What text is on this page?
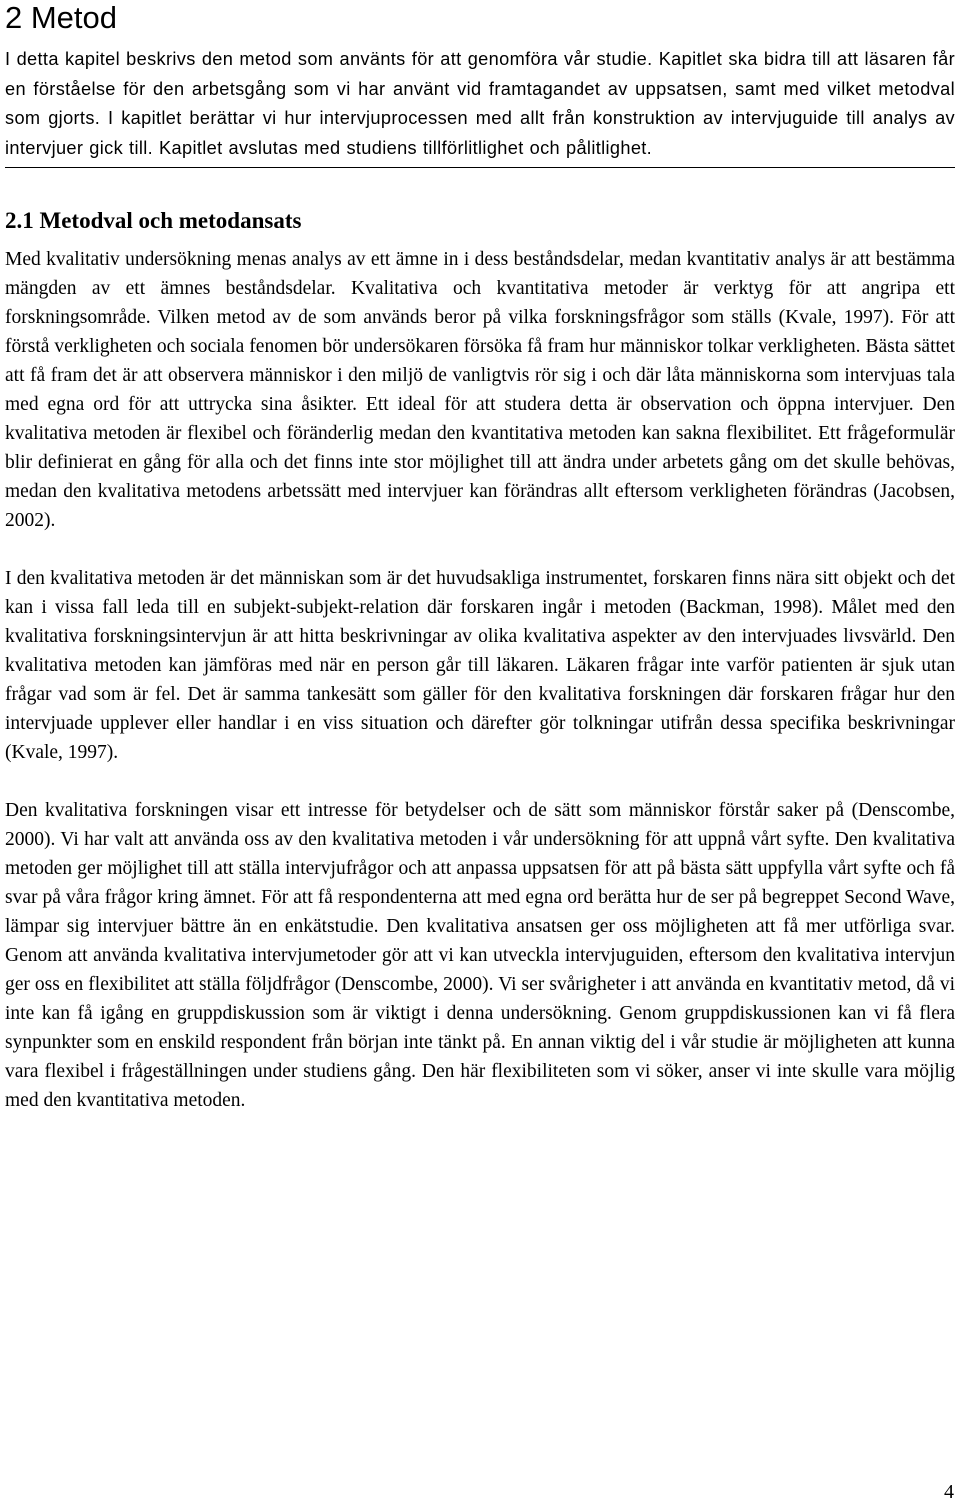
2 Metod

I detta kapitel beskrivs den metod som använts för att genomföra vår studie. Kapitlet ska bidra till att läsaren får en förståelse för den arbetsgång som vi har använt vid framtagandet av uppsatsen, samt med vilket metodval som gjorts. I kapitlet berättar vi hur intervjuprocessen med allt från konstruktion av intervjuguide till analys av intervjuer gick till. Kapitlet avslutas med studiens tillförlitlighet och pålitlighet.

2.1 Metodval och metodansats

Med kvalitativ undersökning menas analys av ett ämne in i dess beståndsdelar, medan kvantitativ analys är att bestämma mängden av ett ämnes beståndsdelar. Kvalitativa och kvantitativa metoder är verktyg för att angripa ett forskningsområde. Vilken metod av de som används beror på vilka forskningsfrågor som ställs (Kvale, 1997). För att förstå verkligheten och sociala fenomen bör undersökaren försöka få fram hur människor tolkar verkligheten. Bästa sättet att få fram det är att observera människor i den miljö de vanligtvis rör sig i och där låta människorna som intervjuas tala med egna ord för att uttrycka sina åsikter. Ett ideal för att studera detta är observation och öppna intervjuer. Den kvalitativa metoden är flexibel och föränderlig medan den kvantitativa metoden kan sakna flexibilitet. Ett frågeformulär blir definierat en gång för alla och det finns inte stor möjlighet till att ändra under arbetets gång om det skulle behövas, medan den kvalitativa metodens arbetssätt med intervjuer kan förändras allt eftersom verkligheten förändras (Jacobsen, 2002).

I den kvalitativa metoden är det människan som är det huvudsakliga instrumentet, forskaren finns nära sitt objekt och det kan i vissa fall leda till en subjekt-subjekt-relation där forskaren ingår i metoden (Backman, 1998). Målet med den kvalitativa forskningsintervjun är att hitta beskrivningar av olika kvalitativa aspekter av den intervjuades livsvärld. Den kvalitativa metoden kan jämföras med när en person går till läkaren. Läkaren frågar inte varför patienten är sjuk utan frågar vad som är fel. Det är samma tankesätt som gäller för den kvalitativa forskningen där forskaren frågar hur den intervjuade upplever eller handlar i en viss situation och därefter gör tolkningar utifrån dessa specifika beskrivningar (Kvale, 1997).

Den kvalitativa forskningen visar ett intresse för betydelser och de sätt som människor förstår saker på (Denscombe, 2000). Vi har valt att använda oss av den kvalitativa metoden i vår undersökning för att uppnå vårt syfte. Den kvalitativa metoden ger möjlighet till att ställa intervjufrågor och att anpassa uppsatsen för att på bästa sätt uppfylla vårt syfte och få svar på våra frågor kring ämnet. För att få respondenterna att med egna ord berätta hur de ser på begreppet Second Wave, lämpar sig intervjuer bättre än en enkätstudie. Den kvalitativa ansatsen ger oss möjligheten att få mer utförliga svar. Genom att använda kvalitativa intervjumetoder gör att vi kan utveckla intervjuguiden, eftersom den kvalitativa intervjun ger oss en flexibilitet att ställa följdfrågor (Denscombe, 2000). Vi ser svårigheter i att använda en kvantitativ metod, då vi inte kan få igång en gruppdiskussion som är viktigt i denna undersökning. Genom gruppdiskussionen kan vi få flera synpunkter som en enskild respondent från början inte tänkt på. En annan viktig del i vår studie är möjligheten att kunna vara flexibel i frågeställningen under studiens gång. Den här flexibiliteten som vi söker, anser vi inte skulle vara möjlig med den kvantitativa metoden.

4
